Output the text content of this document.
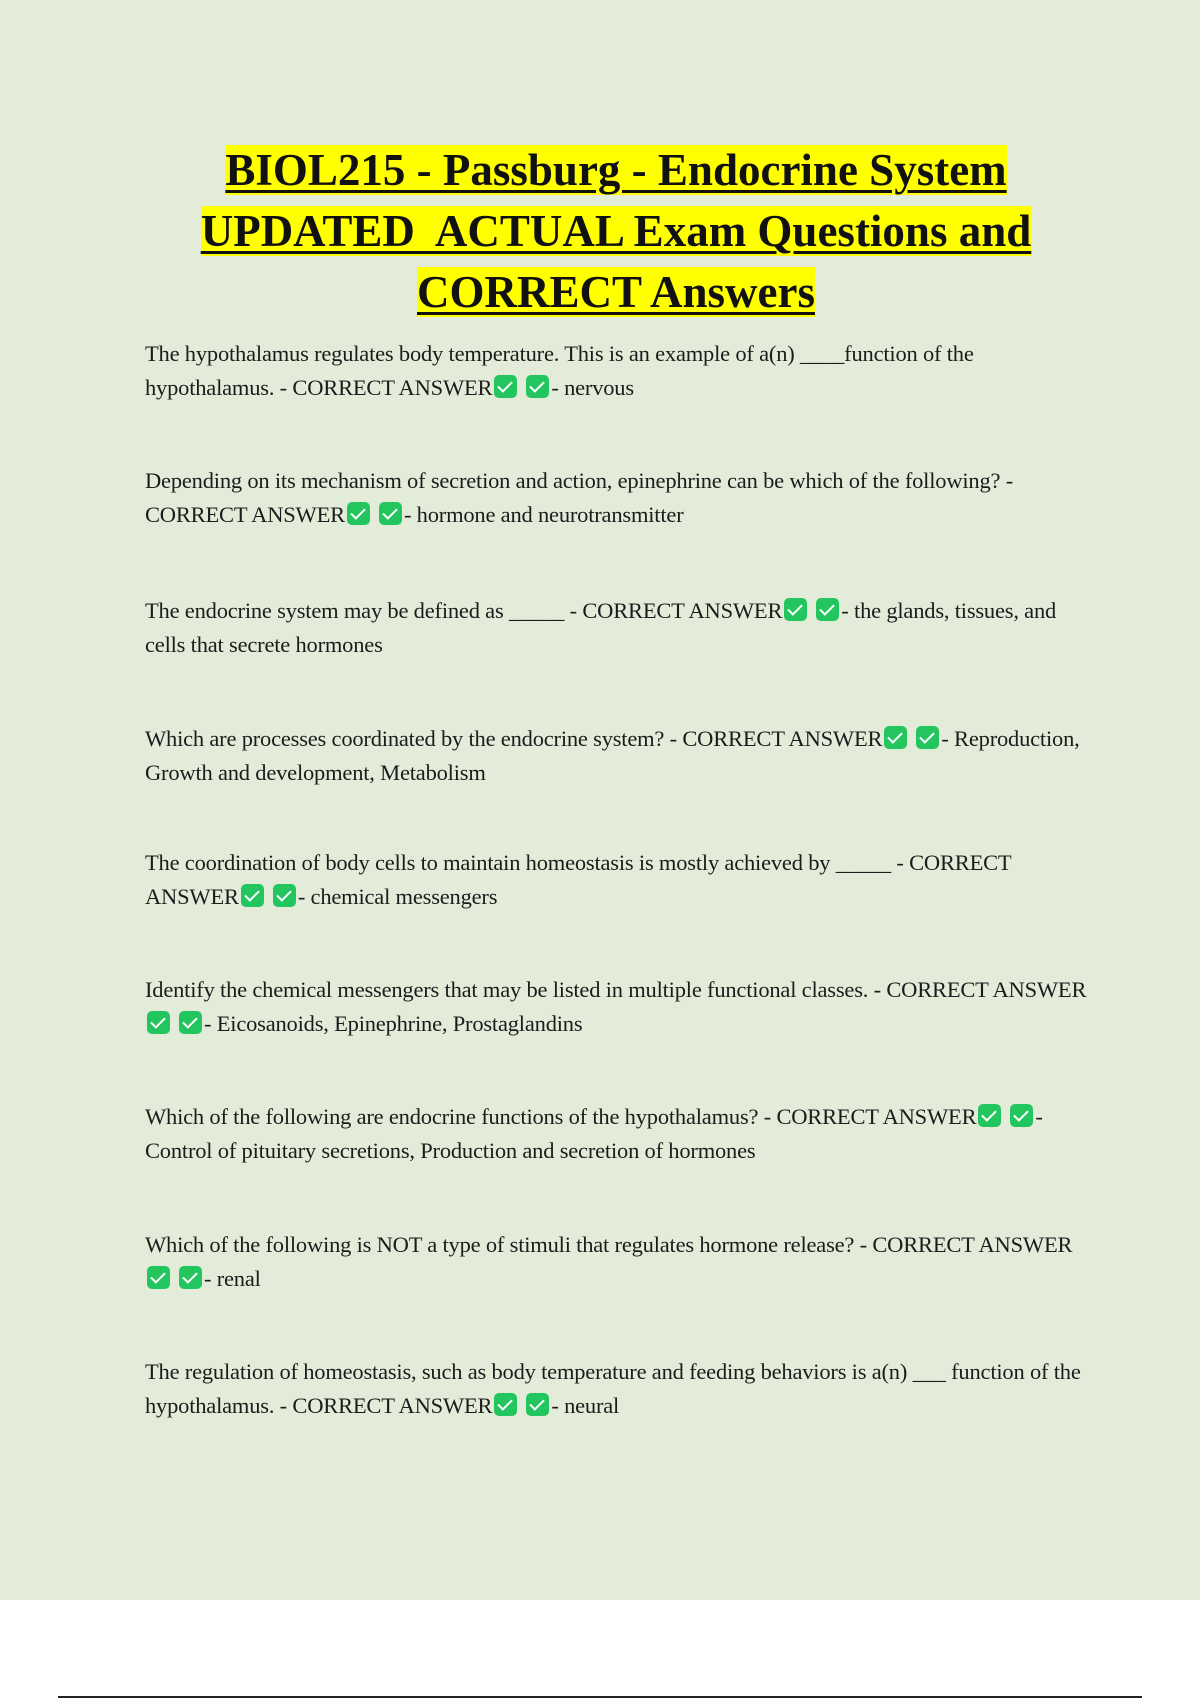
BIOL215 - Passburg - Endocrine System
UPDATED  ACTUAL Exam Questions and
CORRECT Answers

The hypothalamus regulates body temperature. This is an example of a(n) ____function of the hypothalamus. - CORRECT ANSWER	- nervous

Depending on its mechanism of secretion and action, epinephrine can be which of the following? - CORRECT ANSWER	- hormone and neurotransmitter

The endocrine system may be defined as _____ - CORRECT ANSWER	- the glands, tissues, and cells that secrete hormones

Which are processes coordinated by the endocrine system? - CORRECT ANSWER	- Reproduction, Growth and development, Metabolism

The coordination of body cells to maintain homeostasis is mostly achieved by _____ - CORRECT ANSWER	- chemical messengers

Identify the chemical messengers that may be listed in multiple functional classes. - CORRECT ANSWER- Eicosanoids, Epinephrine, Prostaglandins

Which of the following are endocrine functions of the hypothalamus? - CORRECT ANSWER	- Control of pituitary secretions, Production and secretion of hormones

Which of the following is NOT a type of stimuli that regulates hormone release? - CORRECT ANSWER- renal

The regulation of homeostasis, such as body temperature and feeding behaviors is a(n) ___ function of the hypothalamus. - CORRECT ANSWER	- neural
